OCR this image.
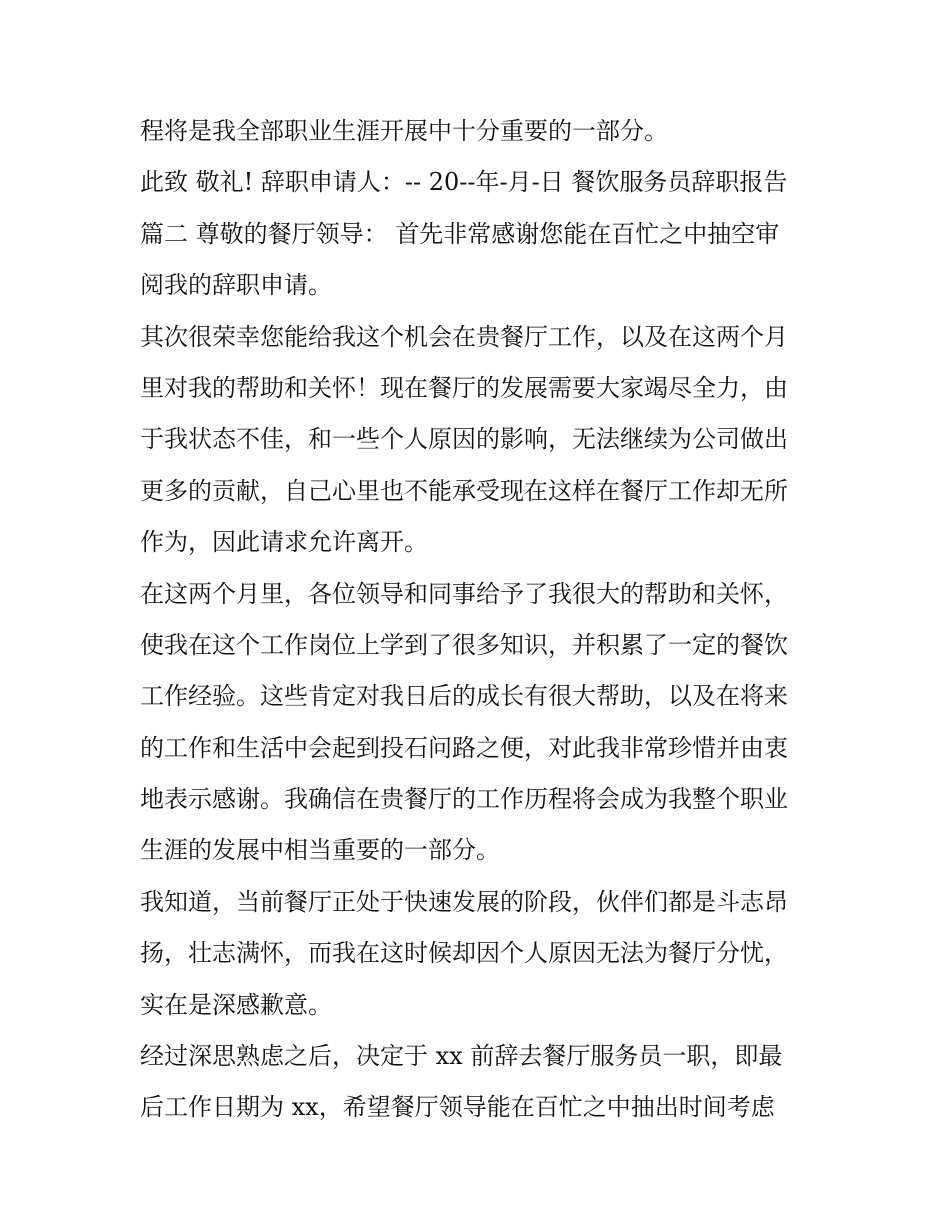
程将是我全部职业生涯开展中十分重要的一部分。
此致 敬礼! 辞职申请人：-- 20--年-月-日 餐饮服务员辞职报告
篇二 尊敬的餐厅领导： 首先非常感谢您能在百忙之中抽空审
阅我的辞职申请。
其次很荣幸您能给我这个机会在贵餐厅工作，以及在这两个月
里对我的帮助和关怀！现在餐厅的发展需要大家竭尽全力，由
于我状态不佳，和一些个人原因的影响，无法继续为公司做出
更多的贡献，自己心里也不能承受现在这样在餐厅工作却无所
作为，因此请求允许离开。
在这两个月里，各位领导和同事给予了我很大的帮助和关怀，
使我在这个工作岗位上学到了很多知识，并积累了一定的餐饮
工作经验。这些肯定对我日后的成长有很大帮助，以及在将来
的工作和生活中会起到投石问路之便，对此我非常珍惜并由衷
地表示感谢。我确信在贵餐厅的工作历程将会成为我整个职业
生涯的发展中相当重要的一部分。
我知道，当前餐厅正处于快速发展的阶段，伙伴们都是斗志昂
扬，壮志满怀，而我在这时候却因个人原因无法为餐厅分忧，
实在是深感歉意。
经过深思熟虑之后，决定于 xx 前辞去餐厅服务员一职，即最
后工作日期为 xx，希望餐厅领导能在百忙之中抽出时间考虑
